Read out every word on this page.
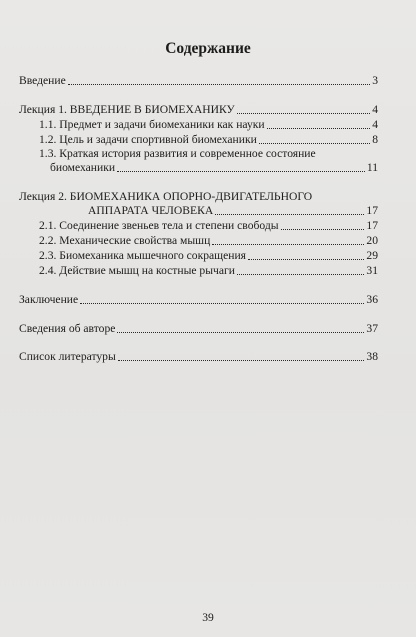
Содержание
Введение	3
Лекция 1. ВВЕДЕНИЕ В БИОМЕХАНИКУ	4
1.1. Предмет и задачи биомеханики как науки	4
1.2. Цель и задачи спортивной биомеханики	8
1.3. Краткая история развития и современное состояние
биомеханики	11
Лекция 2. БИОМЕХАНИКА ОПОРНО-ДВИГАТЕЛЬНОГО
АППАРАТА ЧЕЛОВЕКА	17
2.1. Соединение звеньев тела и степени свободы	17
2.2. Механические свойства мышц	20
2.3. Биомеханика мышечного сокращения	29
2.4. Действие мышц на костные рычаги	31
Заключение	36
Сведения об авторе	37
Список литературы	38
39
